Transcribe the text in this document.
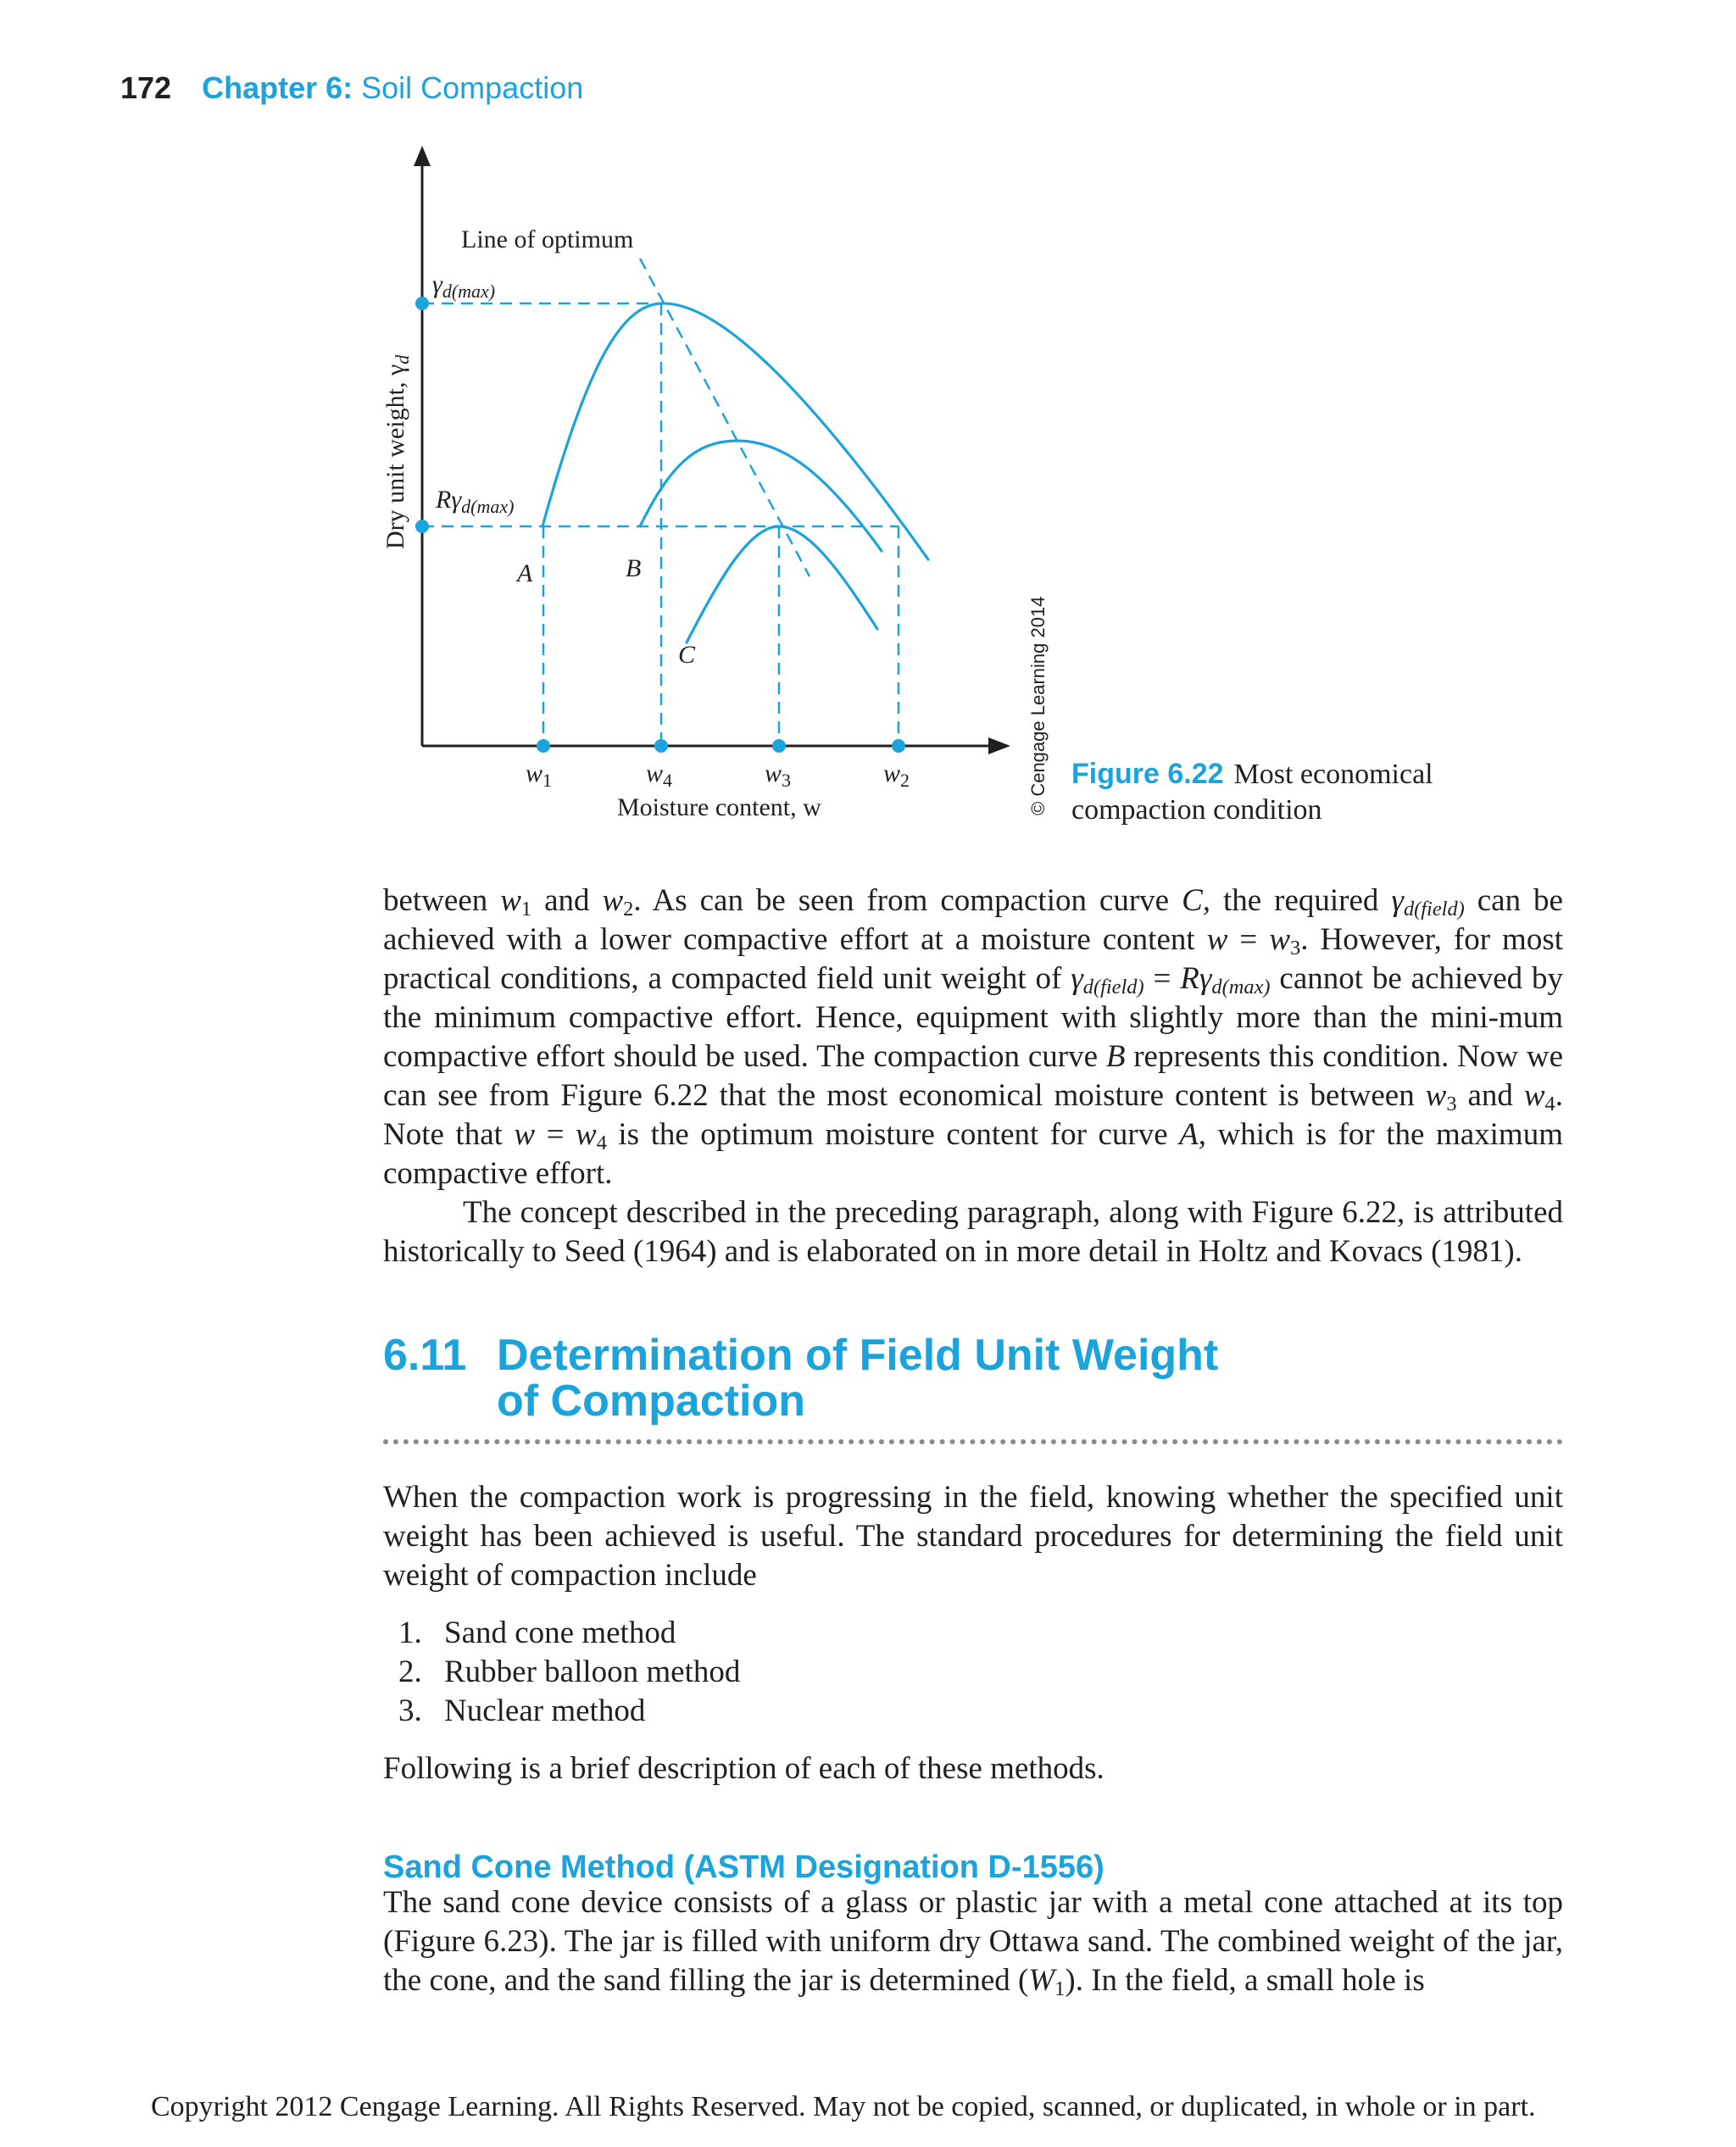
172 Chapter 6: Soil Compaction
Line of optimum
$\gamma_{d(max)}$
$R\gamma_{d(max)}$
A	B
C
Dry unit weight, $\gamma_d$
$w_1$	$w_4$	$w_3$	$w_2$
Moisture content, w	© Cengage Learning 2014 Figure 6.22 Most economical compaction condition

between $w_1$ and $w_2$. As can be seen from compaction curve C, the required $\gamma_{d(field)}$ can be achieved with a lower compactive effort at a moisture content $w = w_3$. However, for most practical conditions, a compacted field unit weight of $\gamma_{d(field)} = R\gamma_{d(max)}$ cannot be achieved by the minimum compactive effort. Hence, equipment with slightly more than the mini-mum compactive effort should be used. The compaction curve B represents this condition. Now we can see from Figure 6.22 that the most economical moisture content is between $w_3$ and $w_4$. Note that $w = w_4$ is the optimum moisture content for curve A, which is for the maximum compactive effort.

The concept described in the preceding paragraph, along with Figure 6.22, is attributed historically to Seed (1964) and is elaborated on in more detail in Holtz and Kovacs (1981).

6.11 Determination of Field Unit Weight
of Compaction

When the compaction work is progressing in the field, knowing whether the specified unit weight has been achieved is useful. The standard procedures for determining the field unit weight of compaction include

1. Sand cone method
2. Rubber balloon method
3. Nuclear method

Following is a brief description of each of these methods.

Sand Cone Method (ASTM Designation D-1556)

The sand cone device consists of a glass or plastic jar with a metal cone attached at its top (Figure 6.23). The jar is filled with uniform dry Ottawa sand. The combined weight of the jar, the cone, and the sand filling the jar is determined $(W_1)$. In the field, a small hole is

Copyright 2012 Cengage Learning. All Rights Reserved. May not be copied, scanned, or duplicated, in whole or in part.
